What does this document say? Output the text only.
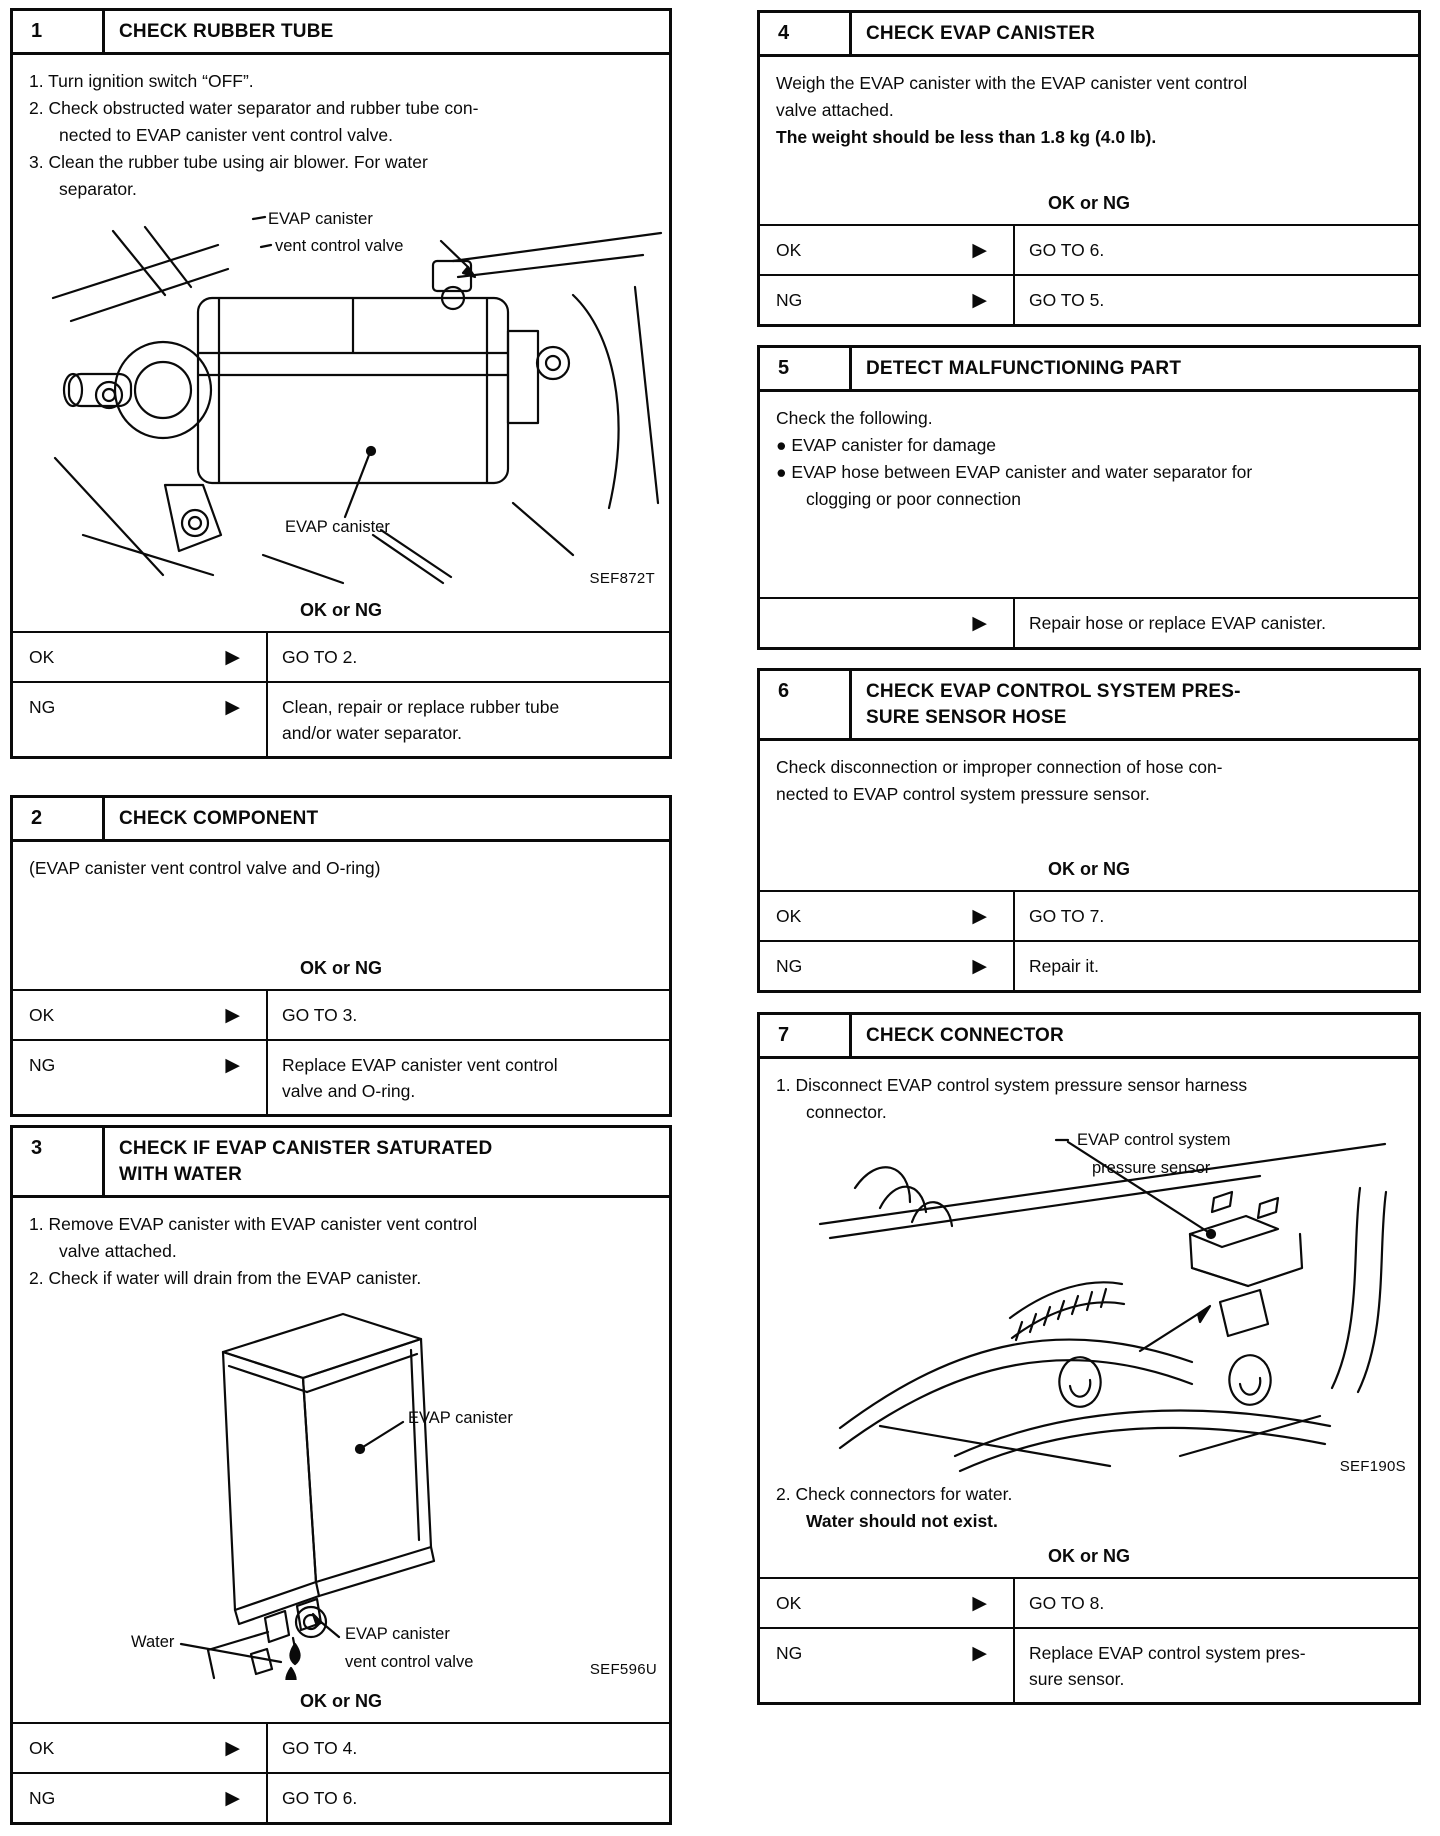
1	CHECK RUBBER TUBE
1. Turn ignition switch “OFF”.
2. Check obstructed water separator and rubber tube con-
nected to EVAP canister vent control valve.
3. Clean the rubber tube using air blower. For water
separator.
EVAP canister
vent control valve
EVAP canister
SEF872T
OK or NG
OK	▶ GO TO 2.
NG	▶ Clean, repair or replace rubber tube
and/or water separator.
2	CHECK COMPONENT
(EVAP canister vent control valve and O-ring)
OK or NG
OK	▶ GO TO 3.
NG	▶ Replace EVAP canister vent control
valve and O-ring.
3	CHECK IF EVAP CANISTER SATURATED
WITH WATER
1. Remove EVAP canister with EVAP canister vent control
valve attached.
2. Check if water will drain from the EVAP canister.
EVAP canister
Water	EVAP canister
vent control valve	SEF596U
OK or NG
OK	▶ GO TO 4.
NG	▶ GO TO 6.
4	CHECK EVAP CANISTER
Weigh the EVAP canister with the EVAP canister vent control
valve attached.
The weight should be less than 1.8 kg (4.0 lb).
OK or NG
OK	▶ GO TO 6.
NG	▶ GO TO 5.
5	DETECT MALFUNCTIONING PART
Check the following.
● EVAP canister for damage
● EVAP hose between EVAP canister and water separator for
clogging or poor connection
▶ Repair hose or replace EVAP canister.
6	CHECK EVAP CONTROL SYSTEM PRES-
SURE SENSOR HOSE
Check disconnection or improper connection of hose con-
nected to EVAP control system pressure sensor.
OK or NG
OK	▶ GO TO 7.
NG	▶ Repair it.
7	CHECK CONNECTOR
1. Disconnect EVAP control system pressure sensor harness
connector.
EVAP control system
pressure sensor
SEF190S
2. Check connectors for water.
Water should not exist.
OK or NG
OK	▶ GO TO 8.
NG	▶ Replace EVAP control system pres-
sure sensor.
